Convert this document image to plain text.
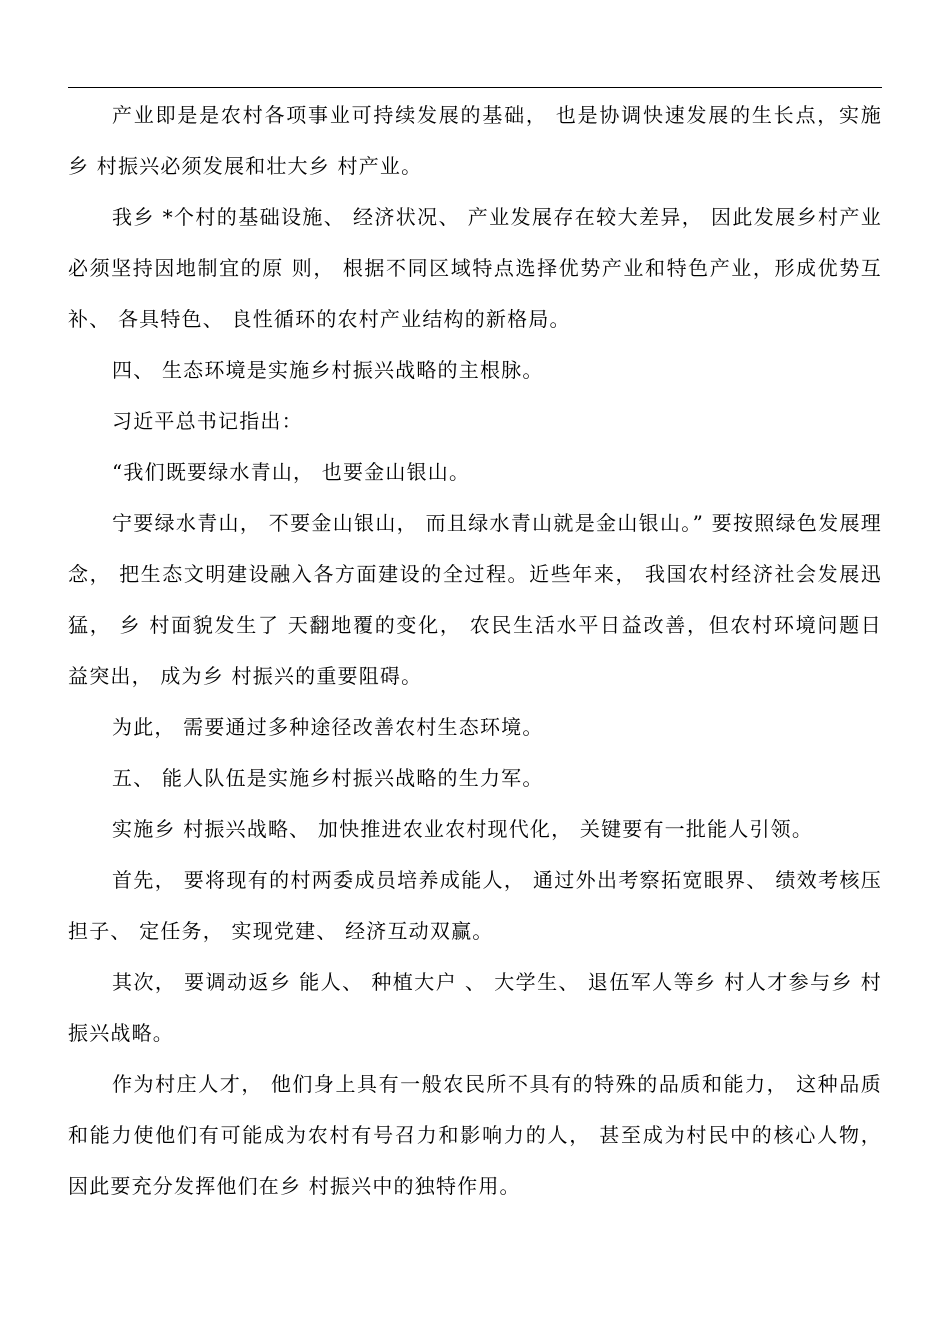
产业即是是农村各项事业可持续发展的基础， 也是协调快速发展的生长点，实施乡 村振兴必须发展和壮大乡 村产业。

我乡 *个村的基础设施、 经济状况、 产业发展存在较大差异， 因此发展乡村产业必须坚持因地制宜的原 则， 根据不同区域特点选择优势产业和特色产业，形成优势互补、 各具特色、 良性循环的农村产业结构的新格局。

四、 生态环境是实施乡村振兴战略的主根脉。

习近平总书记指出：

“我们既要绿水青山， 也要金山银山。

宁要绿水青山， 不要金山银山， 而且绿水青山就是金山银山。” 要按照绿色发展理念， 把生态文明建设融入各方面建设的全过程。近些年来， 我国农村经济社会发展迅猛， 乡 村面貌发生了 天翻地覆的变化， 农民生活水平日益改善，但农村环境问题日益突出， 成为乡 村振兴的重要阻碍。

为此， 需要通过多种途径改善农村生态环境。

五、 能人队伍是实施乡村振兴战略的生力军。

实施乡 村振兴战略、 加快推进农业农村现代化， 关键要有一批能人引领。

首先， 要将现有的村两委成员培养成能人， 通过外出考察拓宽眼界、 绩效考核压担子、 定任务， 实现党建、 经济互动双赢。

其次， 要调动返乡 能人、 种植大户 、 大学生、 退伍军人等乡 村人才参与乡 村振兴战略。

作为村庄人才， 他们身上具有一般农民所不具有的特殊的品质和能力， 这种品质和能力使他们有可能成为农村有号召力和影响力的人， 甚至成为村民中的核心人物， 因此要充分发挥他们在乡 村振兴中的独特作用。
